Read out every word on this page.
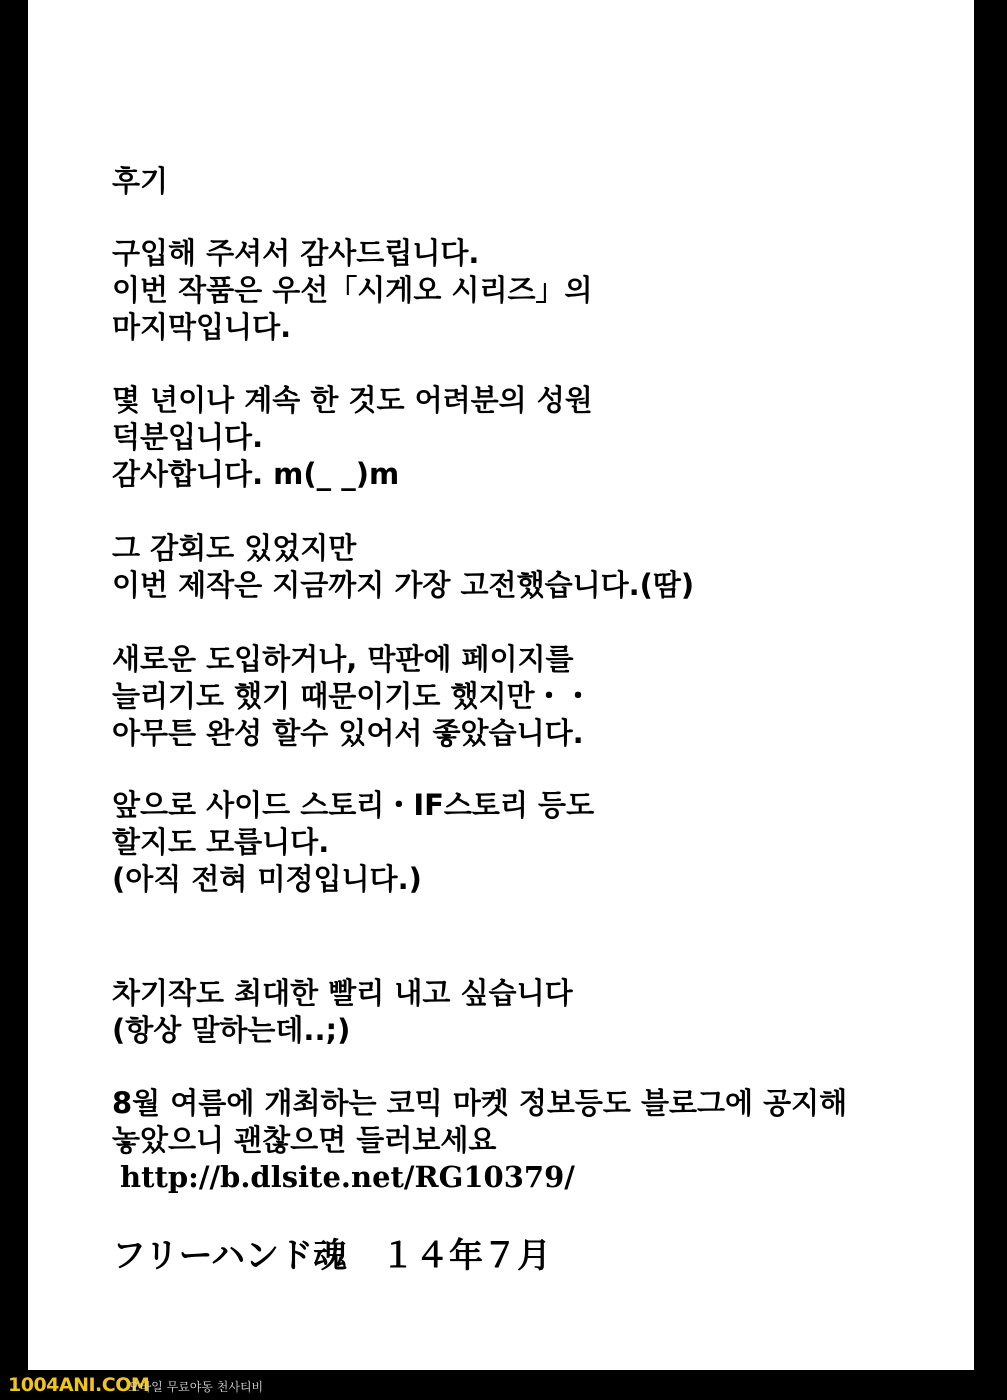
후기
구입해 주셔서 감사드립니다.
이번 작품은 우선「시게오 시리즈」의
마지막입니다.
몇 년이나 계속 한 것도 어려분의 성원
덕분입니다.
감사합니다. m(_ _)m
그 감회도 있었지만
이번 제작은 지금까지 가장 고전했습니다.(땀)
새로운 도입하거나, 막판에 페이지를
늘리기도 했기 때문이기도 했지만・・
아무튼 완성 할수 있어서 좋았습니다.
앞으로 사이드 스토리・IF스토리 등도
할지도 모릅니다.
(아직 전혀 미정입니다.)
차기작도 최대한 빨리 내고 싶습니다
(항상 말하는데..;)
8월 여름에 개최하는 코믹 마켓 정보등도 블로그에 공지해
놓았으니 괜찮으면 들러보세요
http://b.dlsite.net/RG10379/
フリーハンド魂　１４年７月
1004ANI.COM
모바일 무료야동 천사티비
